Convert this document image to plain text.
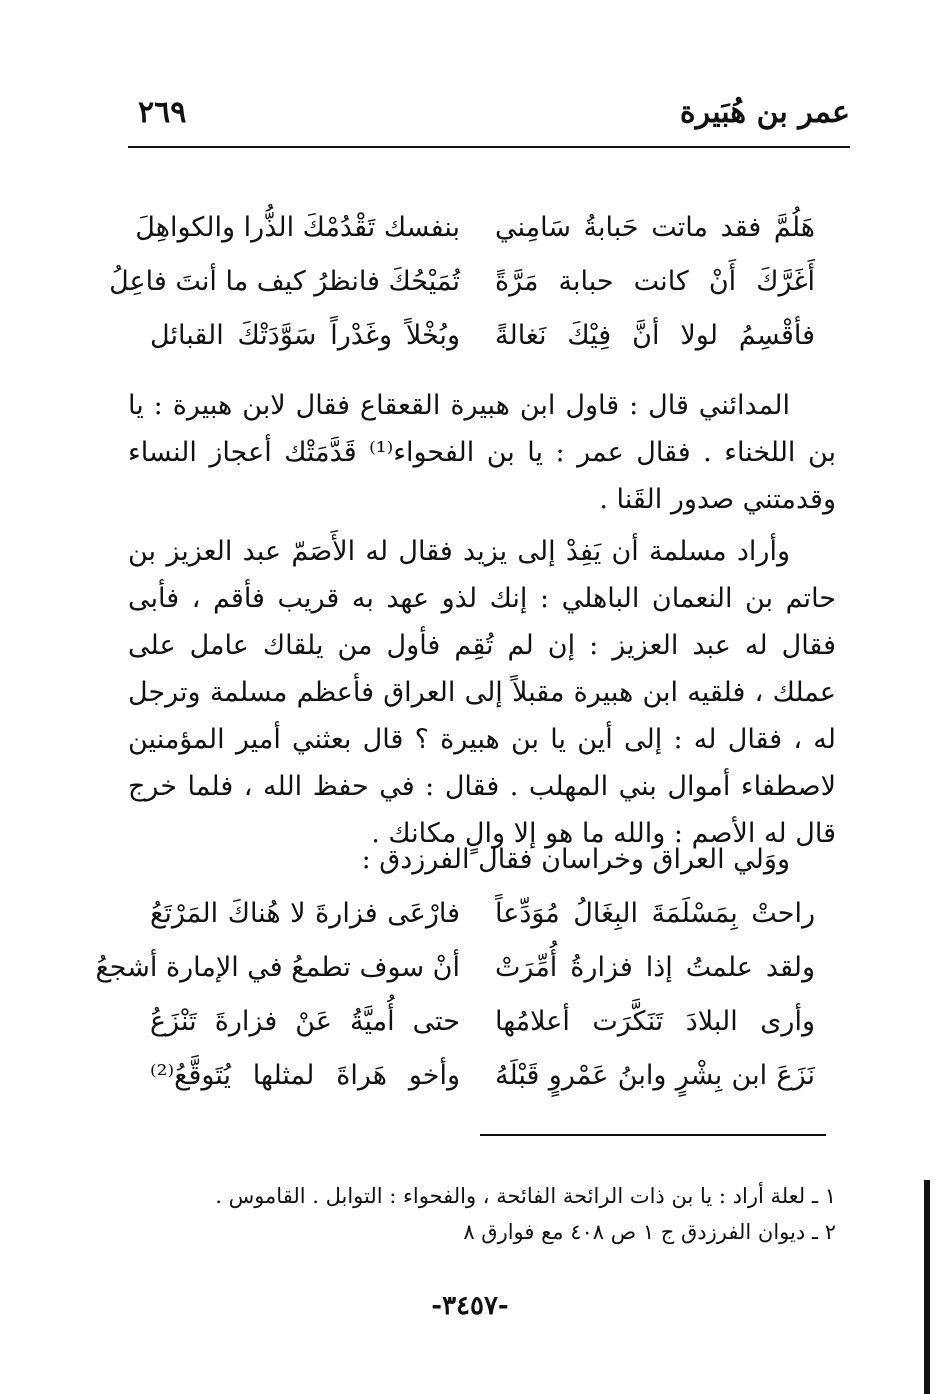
عمر بن هُبَيرة
٢٦٩
هَلُمَّ فقد ماتت حَبابةُ سَامِني
بنفسك تَقْدُمْكَ الذُّرا والكواهِلَ
أَغَرَّكَ أَنْ كانت حبابة مَرَّةً
تُمَيْحُكَ فانظرُ كيف ما أنتَ فاعِلُ
فأقْسِمُ لولا أنَّ فِيْكَ نَغالةً
وبُخْلاً وغَدْراً سَوَّدَتْكَ القبائل
المدائني قال : قاول ابن هبيرة القعقاع فقال لابن هبيرة : يا بن اللخناء . فقال عمر : يا بن الفحواء⁽¹⁾ قَدَّمَتْك أعجاز النساء وقدمتني صدور القَنا .
وأراد مسلمة أن يَفِدْ إلى يزيد فقال له الأَصَمّ عبد العزيز بن حاتم بن النعمان الباهلي : إنك لذو عهد به قريب فأقم ، فأبى فقال له عبد العزيز : إن لم تُقِم فأول من يلقاك عامل على عملك ، فلقيه ابن هبيرة مقبلاً إلى العراق فأعظم مسلمة وترجل له ، فقال له : إلى أين يا بن هبيرة ؟ قال بعثني أمير المؤمنين لاصطفاء أموال بني المهلب . فقال : في حفظ الله ، فلما خرج قال له الأصم : والله ما هو إلا والٍ مكانك .
ووَلي العراق وخراسان فقال الفرزدق :
راحتْ بِمَسْلَمَةَ البِغَالُ مُوَدِّعاً
فارْعَى فزارةَ لا هُناكَ المَرْتَعُ
ولقد علمتُ إذا فزارةُ أُمِّرَتْ
أنْ سوف تطمعُ في الإمارة أشجعُ
وأرى البلادَ تَنَكَّرَت أعلامُها
حتى أُميَّةُ عَنْ فزارةَ تَنْزَعُ
نَزَعَ ابن بِشْرٍ وابنُ عَمْروٍ قَبْلَهُ
وأخو هَراةَ لمثلها يُتَوقَّعُ⁽²⁾
١ ـ لعلة أراد : يا بن ذات الرائحة الفائحة ، والفحواء : التوابل . القاموس .
٢ ـ ديوان الفرزدق ج ١ ص ٤٠٨ مع فوارق ٨
-٣٤٥٧-
